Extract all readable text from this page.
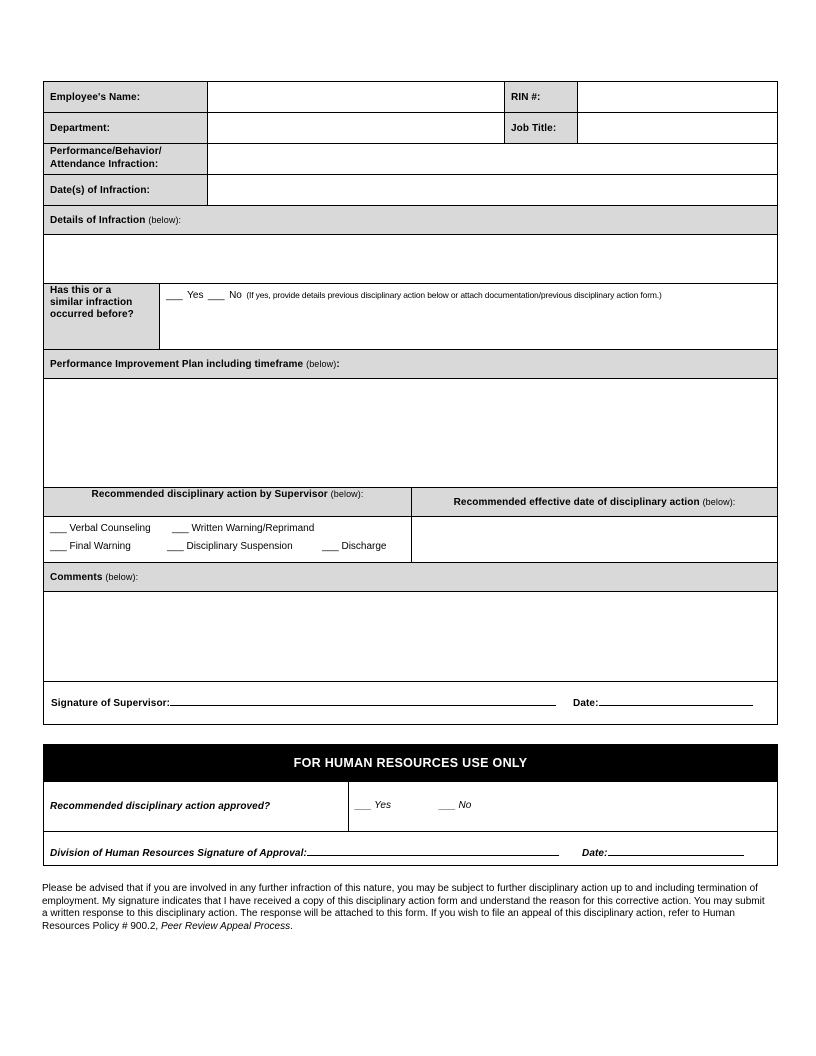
Employee's Name:	RIN #:
Department:	Job Title:
Performance/Behavior/
Attendance Infraction:
Date(s) of Infraction:
Details of Infraction
(below):
Has this or a
similar infraction
occurred before?
___ Yes ___ No (If yes, provide details previous disciplinary action below or attach documentation/previous disciplinary action form.)
Performance Improvement Plan including timeframe
(below) :
Recommended disciplinary action by Supervisor (below):
Recommended effective date of disciplinary action
(below):
___ Verbal Counseling ___ Written Warning/Reprimand
___ Final Warning	___ Disciplinary Suspension	___ Discharge
Comments
(below):
Signature of Supervisor:	Date:
FOR HUMAN RESOURCES USE ONLY
Recommended disciplinary action approved?	___ Yes	___ No
Division of Human Resources Signature of Approval:	Date:
Please be advised that if you are involved in any further infraction of this nature, you may be subject to further disciplinary action up to and including termination of employment. My signature indicates that I have received a copy of this disciplinary action form and understand the reason for this corrective action. You may submit a written response to this disciplinary action. The response will be attached to this form. If you wish to file an appeal of this disciplinary action, refer to Human Resources Policy # 900.2, Peer Review Appeal Process.
